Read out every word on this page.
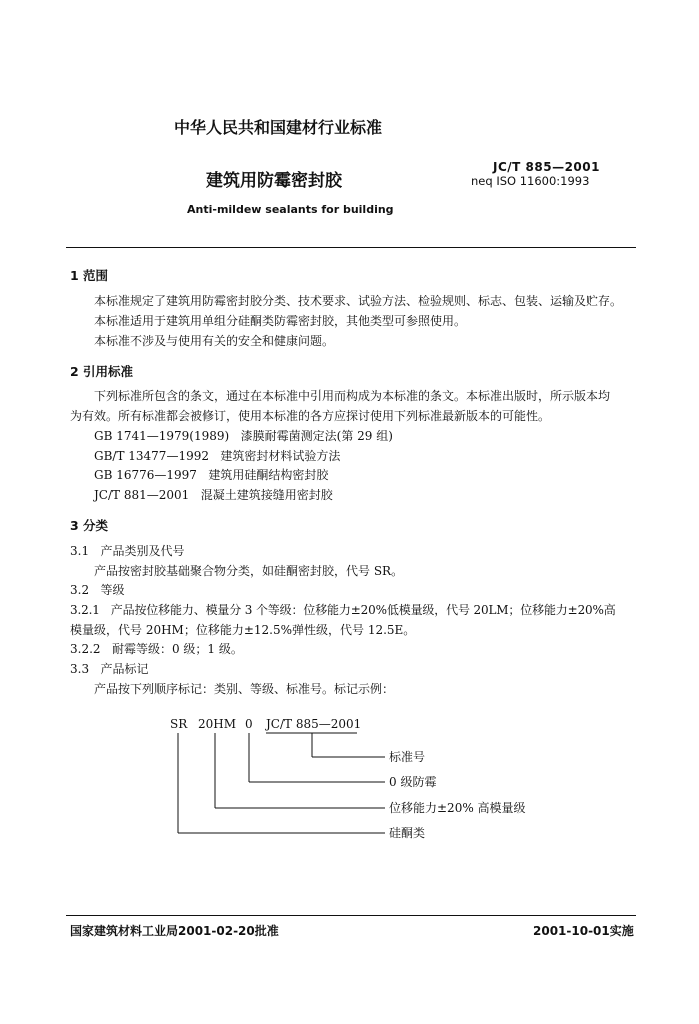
中华人民共和国建材行业标准
建筑用防霉密封胶
JC/T 885—2001
neq ISO 11600:1993
Anti-mildew sealants for building
1 范围
本标准规定了建筑用防霉密封胶分类、技术要求、试验方法、检验规则、标志、包装、运输及贮存。
本标准适用于建筑用单组分硅酮类防霉密封胶，其他类型可参照使用。
本标准不涉及与使用有关的安全和健康问题。
2 引用标准
下列标准所包含的条文，通过在本标准中引用而构成为本标准的条文。本标准出版时，所示版本均
为有效。所有标准都会被修订，使用本标准的各方应探讨使用下列标准最新版本的可能性。
GB 1741—1979(1989)   漆膜耐霉菌测定法(第 29 组)
GB/T 13477—1992   建筑密封材料试验方法
GB 16776—1997   建筑用硅酮结构密封胶
JC/T 881—2001   混凝土建筑接缝用密封胶
3 分类
3.1   产品类别及代号
产品按密封胶基础聚合物分类，如硅酮密封胶，代号 SR。
3.2   等级
3.2.1   产品按位移能力、模量分 3 个等级：位移能力±20%低模量级，代号 20LM；位移能力±20%高
模量级，代号 20HM；位移能力±12.5%弹性级，代号 12.5E。
3.2.2   耐霉等级：0 级；1 级。
3.3   产品标记
产品按下列顺序标记：类别、等级、标准号。标记示例：
SR 20HM 0 JC/T 885—2001
标准号
0 级防霉
位移能力±20% 高模量级
硅酮类
国家建筑材料工业局2001-02-20批准	2001-10-01实施
